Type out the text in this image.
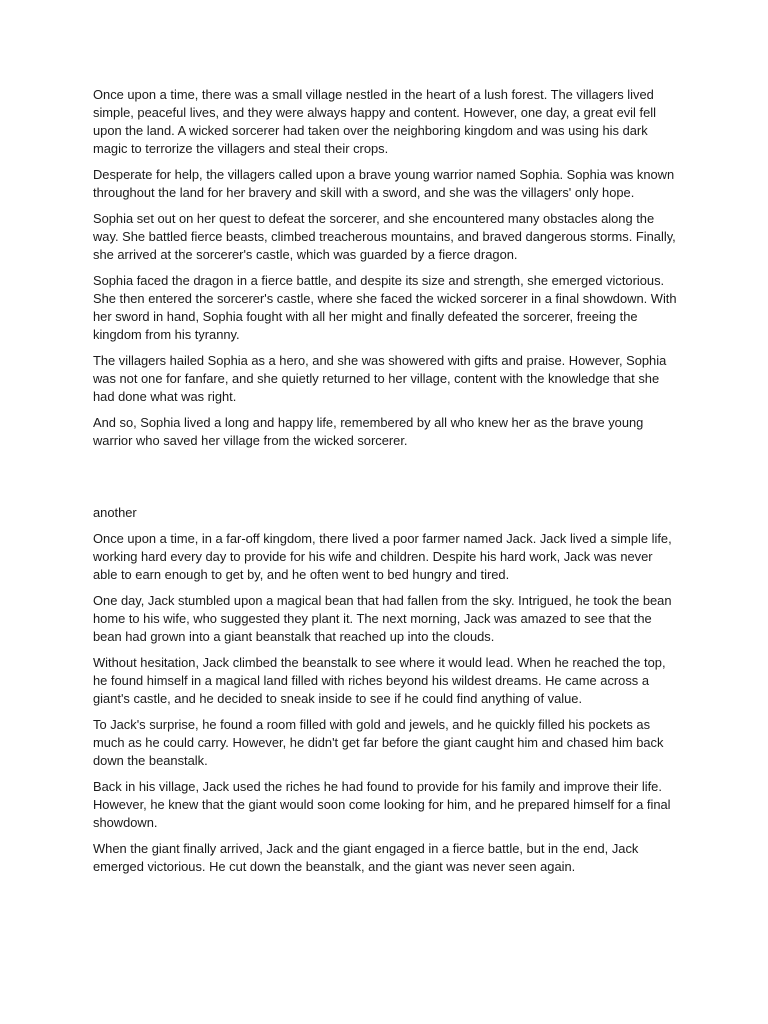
Once upon a time, there was a small village nestled in the heart of a lush forest. The villagers lived simple, peaceful lives, and they were always happy and content. However, one day, a great evil fell upon the land. A wicked sorcerer had taken over the neighboring kingdom and was using his dark magic to terrorize the villagers and steal their crops.

Desperate for help, the villagers called upon a brave young warrior named Sophia. Sophia was known throughout the land for her bravery and skill with a sword, and she was the villagers' only hope.

Sophia set out on her quest to defeat the sorcerer, and she encountered many obstacles along the way. She battled fierce beasts, climbed treacherous mountains, and braved dangerous storms. Finally, she arrived at the sorcerer's castle, which was guarded by a fierce dragon.

Sophia faced the dragon in a fierce battle, and despite its size and strength, she emerged victorious. She then entered the sorcerer's castle, where she faced the wicked sorcerer in a final showdown. With her sword in hand, Sophia fought with all her might and finally defeated the sorcerer, freeing the kingdom from his tyranny.

The villagers hailed Sophia as a hero, and she was showered with gifts and praise. However, Sophia was not one for fanfare, and she quietly returned to her village, content with the knowledge that she had done what was right.

And so, Sophia lived a long and happy life, remembered by all who knew her as the brave young warrior who saved her village from the wicked sorcerer.

another

Once upon a time, in a far-off kingdom, there lived a poor farmer named Jack. Jack lived a simple life, working hard every day to provide for his wife and children. Despite his hard work, Jack was never able to earn enough to get by, and he often went to bed hungry and tired.

One day, Jack stumbled upon a magical bean that had fallen from the sky. Intrigued, he took the bean home to his wife, who suggested they plant it. The next morning, Jack was amazed to see that the bean had grown into a giant beanstalk that reached up into the clouds.

Without hesitation, Jack climbed the beanstalk to see where it would lead. When he reached the top, he found himself in a magical land filled with riches beyond his wildest dreams. He came across a giant's castle, and he decided to sneak inside to see if he could find anything of value.

To Jack's surprise, he found a room filled with gold and jewels, and he quickly filled his pockets as much as he could carry. However, he didn't get far before the giant caught him and chased him back down the beanstalk.

Back in his village, Jack used the riches he had found to provide for his family and improve their life. However, he knew that the giant would soon come looking for him, and he prepared himself for a final showdown.

When the giant finally arrived, Jack and the giant engaged in a fierce battle, but in the end, Jack emerged victorious. He cut down the beanstalk, and the giant was never seen again.
